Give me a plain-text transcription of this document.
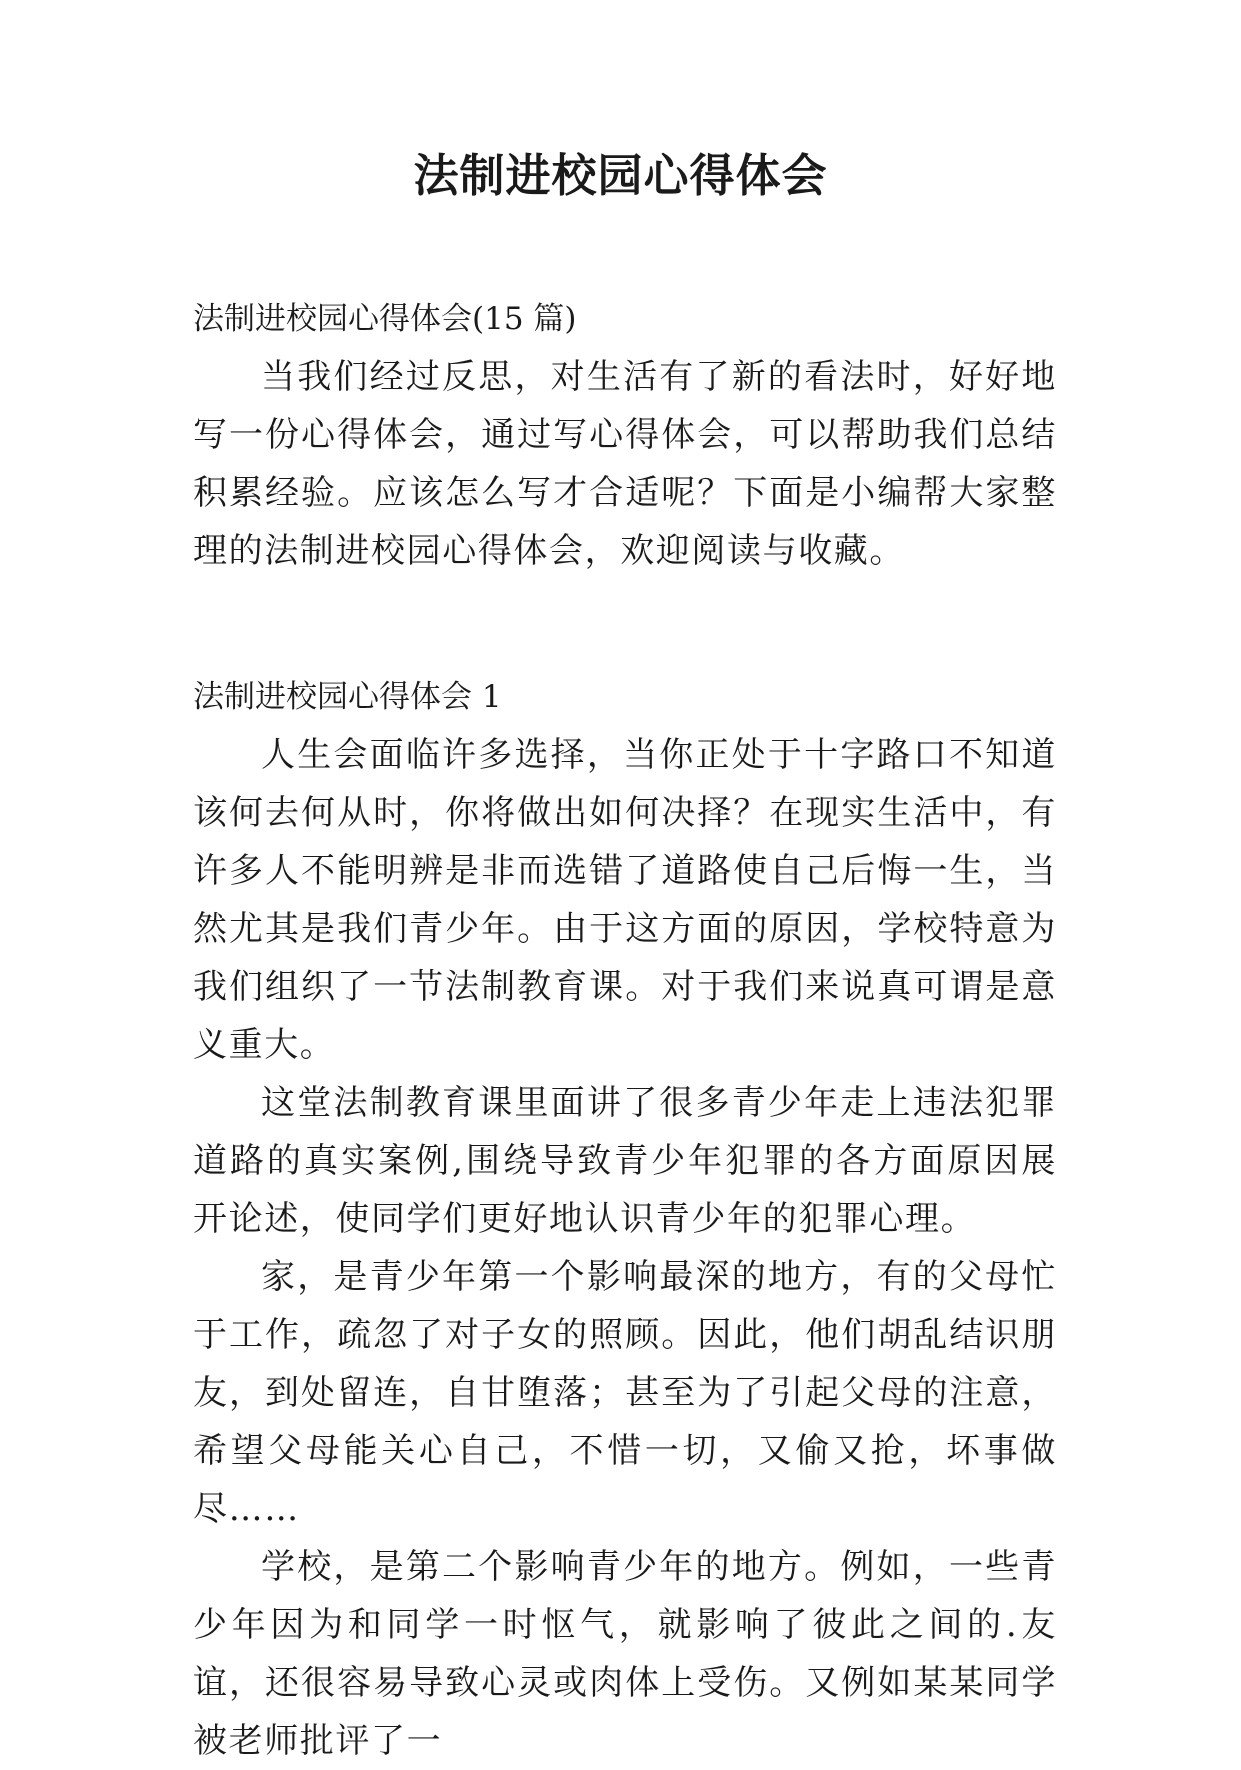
法制进校园心得体会

法制进校园心得体会(15 篇)

当我们经过反思，对生活有了新的看法时，好好地写一份心得体会，通过写心得体会，可以帮助我们总结积累经验。应该怎么写才合适呢？下面是小编帮大家整理的法制进校园心得体会，欢迎阅读与收藏。

法制进校园心得体会 1

人生会面临许多选择，当你正处于十字路口不知道该何去何从时，你将做出如何决择？在现实生活中，有许多人不能明辨是非而选错了道路使自己后悔一生，当然尤其是我们青少年。由于这方面的原因，学校特意为我们组织了一节法制教育课。对于我们来说真可谓是意义重大。

这堂法制教育课里面讲了很多青少年走上违法犯罪道路的真实案例,围绕导致青少年犯罪的各方面原因展开论述，使同学们更好地认识青少年的犯罪心理。

家，是青少年第一个影响最深的地方，有的父母忙于工作，疏忽了对子女的照顾。因此，他们胡乱结识朋友，到处留连，自甘堕落；甚至为了引起父母的注意，希望父母能关心自己，不惜一切，又偷又抢，坏事做尽……

学校，是第二个影响青少年的地方。例如，一些青少年因为和同学一时怄气，就影响了彼此之间的.友谊，还很容易导致心灵或肉体上受伤。又例如某某同学被老师批评了一
